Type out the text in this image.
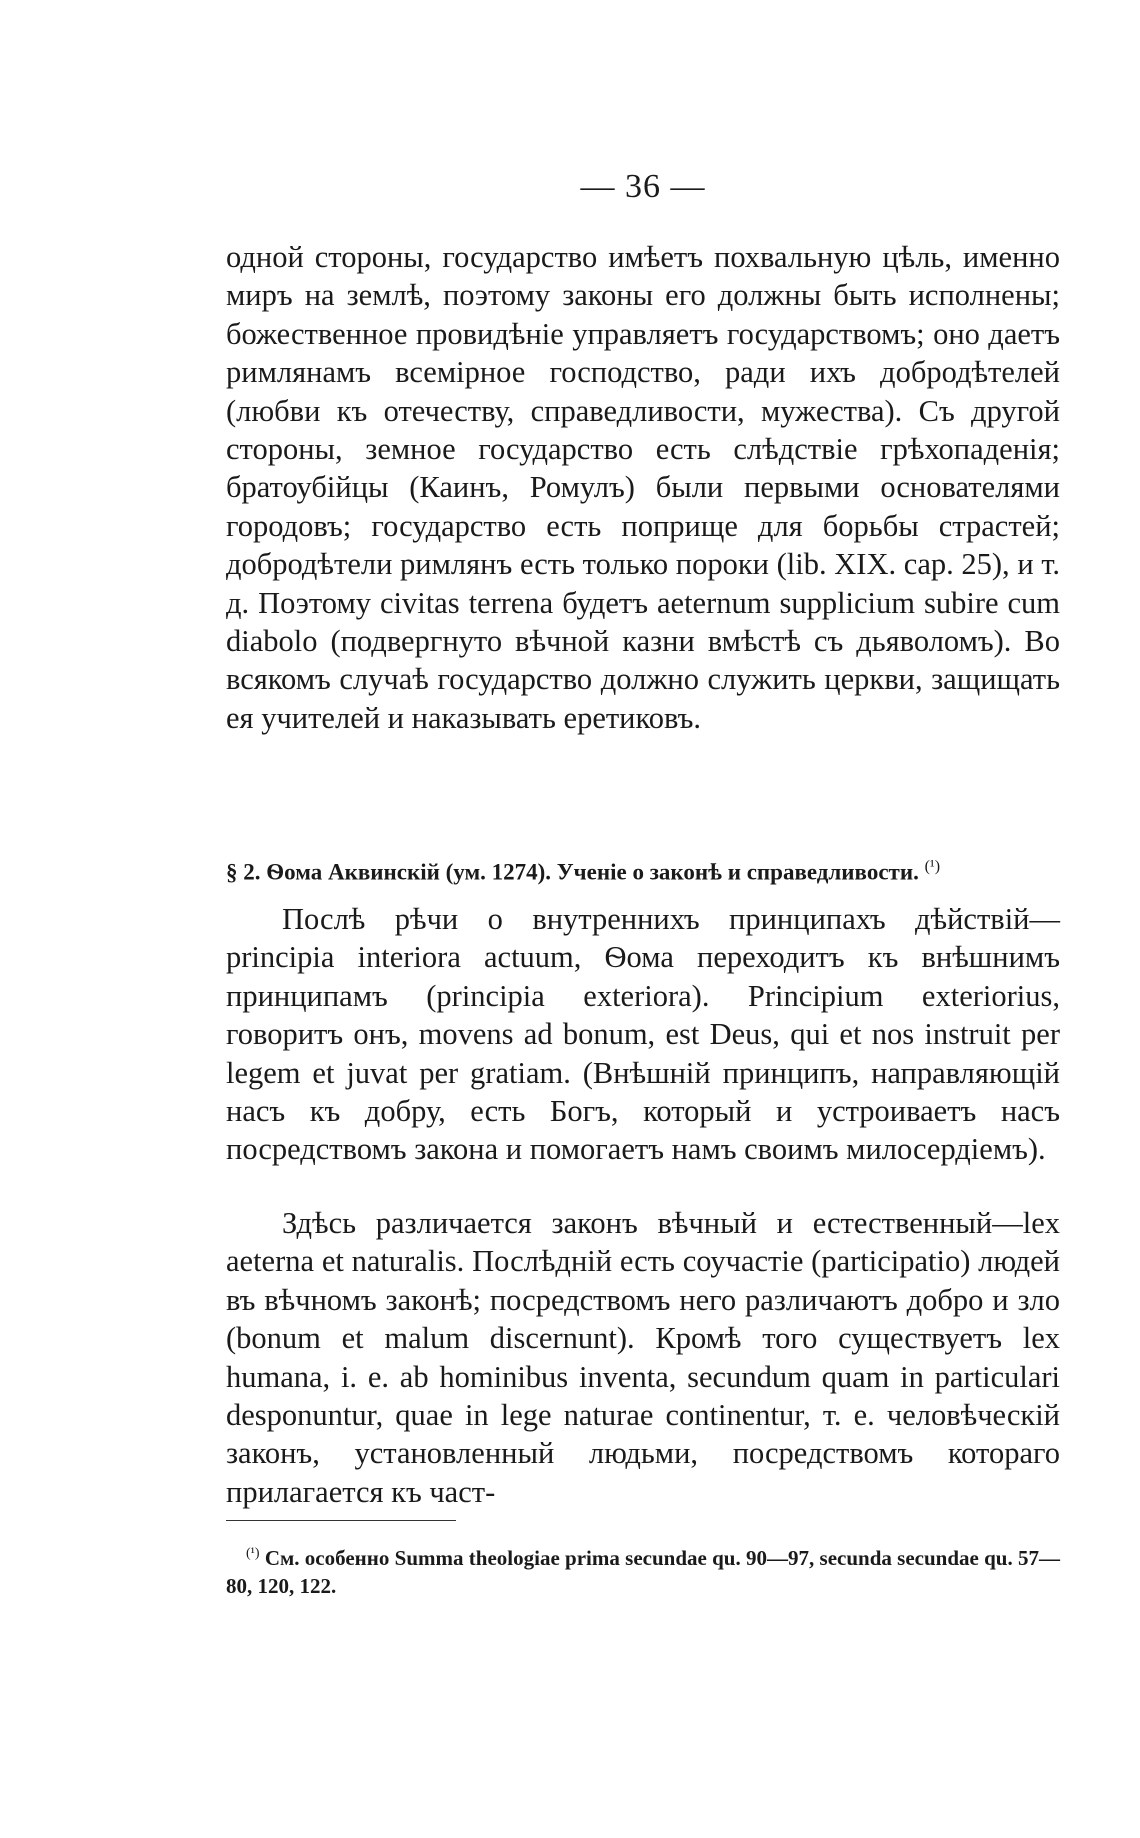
— 36 —

одной стороны, государство имѣетъ похвальную цѣль, именно миръ на землѣ, поэтому законы его должны быть исполнены; божественное провидѣніе управляетъ государствомъ; оно даетъ римлянамъ всемірное господство, ради ихъ добродѣтелей (любви къ отечеству, справедливости, мужества). Съ другой стороны, земное государство есть слѣдствіе грѣхопаденія; братоубійцы (Каинъ, Ромулъ) были первыми основателями городовъ; государство есть поприще для борьбы страстей; добродѣтели римлянъ есть только пороки (lib. XIX. cap. 25), и т. д. Поэтому civitas terrena будетъ aeternum supplicium subire cum diabolo (подвергнуто вѣчной казни вмѣстѣ съ дьяволомъ). Во всякомъ случаѣ государство должно служить церкви, защищать ея учителей и наказывать еретиковъ.

§ 2. Ѳома Аквинскій (ум. 1274). Ученіе о законѣ и справедливости. $^{(^1)}$

Послѣ рѣчи о внутреннихъ принципахъ дѣйствій— principia interiora actuum, Ѳома переходитъ къ внѣшнимъ принципамъ (principia exteriora). Principium exteriorius, говоритъ онъ, movens ad bonum, est Deus, qui et nos instruit per legem et juvat per gratiam. (Внѣшній принципъ, направляющій насъ къ добру, есть Богъ, который и устроиваетъ насъ посредствомъ закона и помогаетъ намъ своимъ милосердіемъ).

Здѣсь различается законъ вѣчный и естественный—lex aeterna et naturalis. Послѣдній есть соучастіе (participatio) людей въ вѣчномъ законѣ; посредствомъ него различаютъ добро и зло (bonum et malum discernunt). Кромѣ того существуетъ lex humana, i. e. ab hominibus inventa, secundum quam in particulari desponuntur, quae in lege naturae continentur, т. е. человѣческій законъ, установленный людьми, посредствомъ котораго прилагается къ част-

$^{(^1)}$ См. особенно Summa theologiae prima secundae qu. 90—97, secunda secundae qu. 57—80, 120, 122.
